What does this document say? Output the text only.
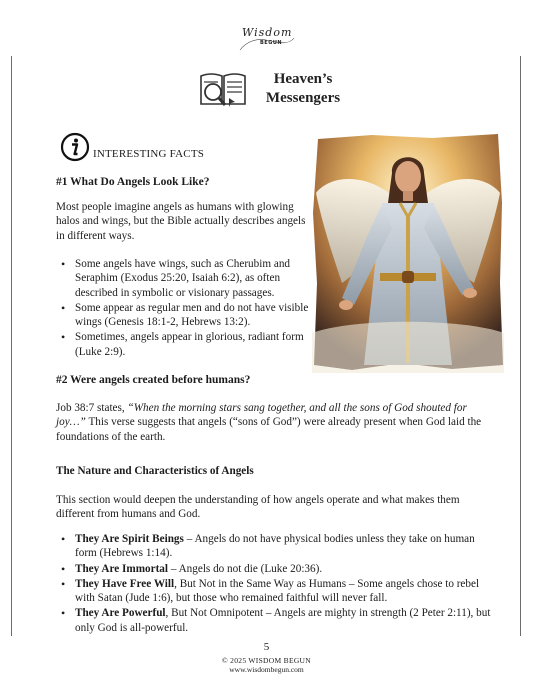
Wisdom
BEGUN
Heaven’s
Messengers
INTERESTING FACTS
#1 What Do Angels Look Like?
Most people imagine angels as humans with glowing halos and wings, but the Bible actually describes angels in different ways.
• Some angels have wings, such as Cherubim and Seraphim (Exodus 25:20, Isaiah 6:2), as often described in symbolic or visionary passages.
• Some appear as regular men and do not have visible wings (Genesis 18:1-2, Hebrews 13:2).
• Sometimes, angels appear in glorious, radiant form (Luke 2:9).
#2 Were angels created before humans?
Job 38:7 states, “When the morning stars sang together, and all the sons of God shouted for joy…” This verse suggests that angels (“sons of God”) were already present when God laid the foundations of the earth.
The Nature and Characteristics of Angels
This section would deepen the understanding of how angels operate and what makes them different from humans and God.
• They Are Spirit Beings – Angels do not have physical bodies unless they take on human form (Hebrews 1:14).
• They Are Immortal – Angels do not die (Luke 20:36).
• They Have Free Will, But Not in the Same Way as Humans – Some angels chose to rebel with Satan (Jude 1:6), but those who remained faithful will never fall.
• They Are Powerful, But Not Omnipotent – Angels are mighty in strength (2 Peter 2:11), but only God is all-powerful.
5
© 2025 WISDOM BEGUN
www.wisdombegun.com
